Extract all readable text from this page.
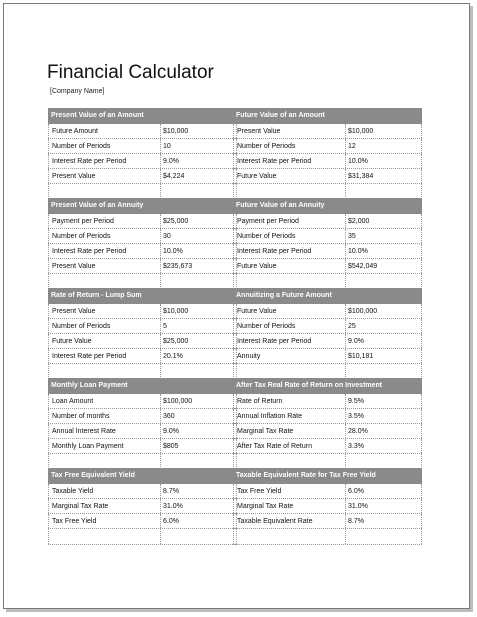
Financial Calculator
[Company Name]
Present Value of an Amount
Future Amount	$10,000
Number of Periods	10
Interest Rate per Period	9.0%
Present Value	$4,224
Future Value of an Amount
Present Value	$10,000
Number of Periods	12
Interest Rate per Period	10.0%
Future Value	$31,384
Present Value of an Annuity
Payment per Period	$25,000
Number of Periods	30
Interest Rate per Period	10.0%
Present Value	$235,673
Future Value of an Annuity
Payment per Period	$2,000
Number of Periods	35
Interest Rate per Period	10.0%
Future Value	$542,049
Rate of Return - Lump Sum
Present Value	$10,000
Number of Periods	5
Future Value	$25,000
Interest Rate per Period	20.1%
Annuitizing a Future Amount
Future Value	$100,000
Number of Periods	25
Interest Rate per Period	9.0%
Annuity	$10,181
Monthly Loan Payment
Loan Amount	$100,000
Number of months	360
Annual Interest Rate	9.0%
Monthly Loan Payment	$805
After Tax Real Rate of Return on Investment
Rate of Return	9.5%
Annual Inflation Rate	3.5%
Marginal Tax Rate	28.0%
After Tax Rate of Return	3.3%
Tax Free Equivalent Yield
Taxable Yield	8.7%
Marginal Tax Rate	31.0%
Tax Free Yield	6.0%
Taxable Equivalent Rate for Tax Free Yield
Tax Free Yield	6.0%
Marginal Tax Rate	31.0%
Taxable Equivalent Rate	8.7%
